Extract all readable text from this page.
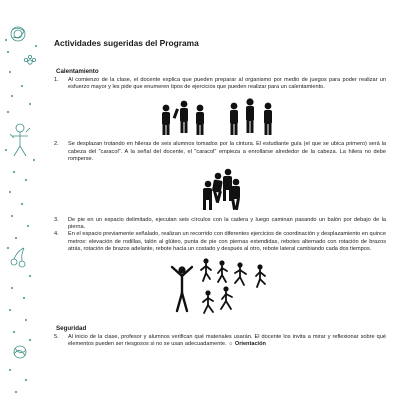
Actividades sugeridas del Programa
Calentamiento
1.	Al comienzo de la clase, el docente explica que pueden preparar al organismo por medio de juegos para poder realizar un esfuerzo mayor y les pide que enumeren tipos de ejercicios que pueden realizar para un calentamiento.
2.	Se desplazan trotando en hileras de seis alumnos tomados por la cintura. El estudiante guía (el que se ubica primero) será la cabeza del "caracol". A la señal del docente, el "caracol" empieza a enrollarse alrededor de la cabeza. La hilera no debe romperse.
3.	De pie en un espacio delimitado, ejecutan seis círculos con la cadera y luego caminan pasando un balón por debajo de la pierna.
4.	En el espacio previamente señalado, realizan un recorrido con diferentes ejercicios de coordinación y desplazamiento en quince metros: elevación de rodillas, talón al glúteo, punta de pie con piernas extendidas, rebotes alternado con rotación de brazos atrás, rotación de brazos adelante, rebote hacia un costado y después al otro, rebote lateral cambiando cada dos tiempos.
Seguridad
5.	Al inicio de la clase, profesor y alumnos verifican qué materiales usarán. El docente los invita a mirar y reflexionar sobre qué elementos pueden ser riesgosos si no se usan adecuadamente. ☼ Orientación
